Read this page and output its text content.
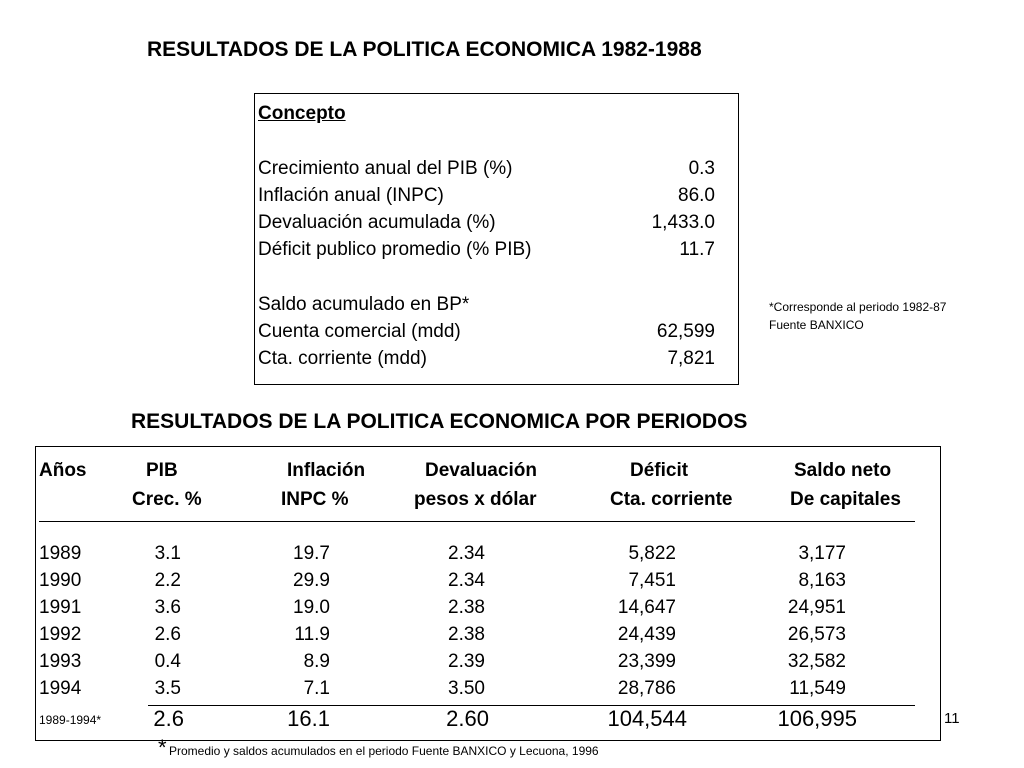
RESULTADOS DE LA POLITICA ECONOMICA 1982-1988
Concepto
Crecimiento anual del PIB (%)	0.3
Inflación anual (INPC)	86.0
Devaluación acumulada (%)	1,433.0
Déficit publico promedio (% PIB)	11.7
Saldo acumulado en BP*
Cuenta comercial (mdd)	62,599
Cta. corriente (mdd)	7,821
*Corresponde al periodo 1982-87
Fuente BANXICO
RESULTADOS DE LA POLITICA ECONOMICA POR PERIODOS
Años	PIB	Inflación	Devaluación	Déficit	Saldo neto
Crec. %	INPC %	pesos x dólar	Cta. corriente	De capitales
1989	3.1	19.7	2.34	5,822	3,177
1990	2.2	29.9	2.34	7,451	8,163
1991	3.6	19.0	2.38	14,647	24,951
1992	2.6	11.9	2.38	24,439	26,573
1993	0.4	8.9	2.39	23,399	32,582
1994	3.5	7.1	3.50	28,786	11,549
1989-1994*	2.6	16.1	2.60	104,544	106,995	11
* Promedio y saldos acumulados en el periodo Fuente BANXICO y Lecuona, 1996
